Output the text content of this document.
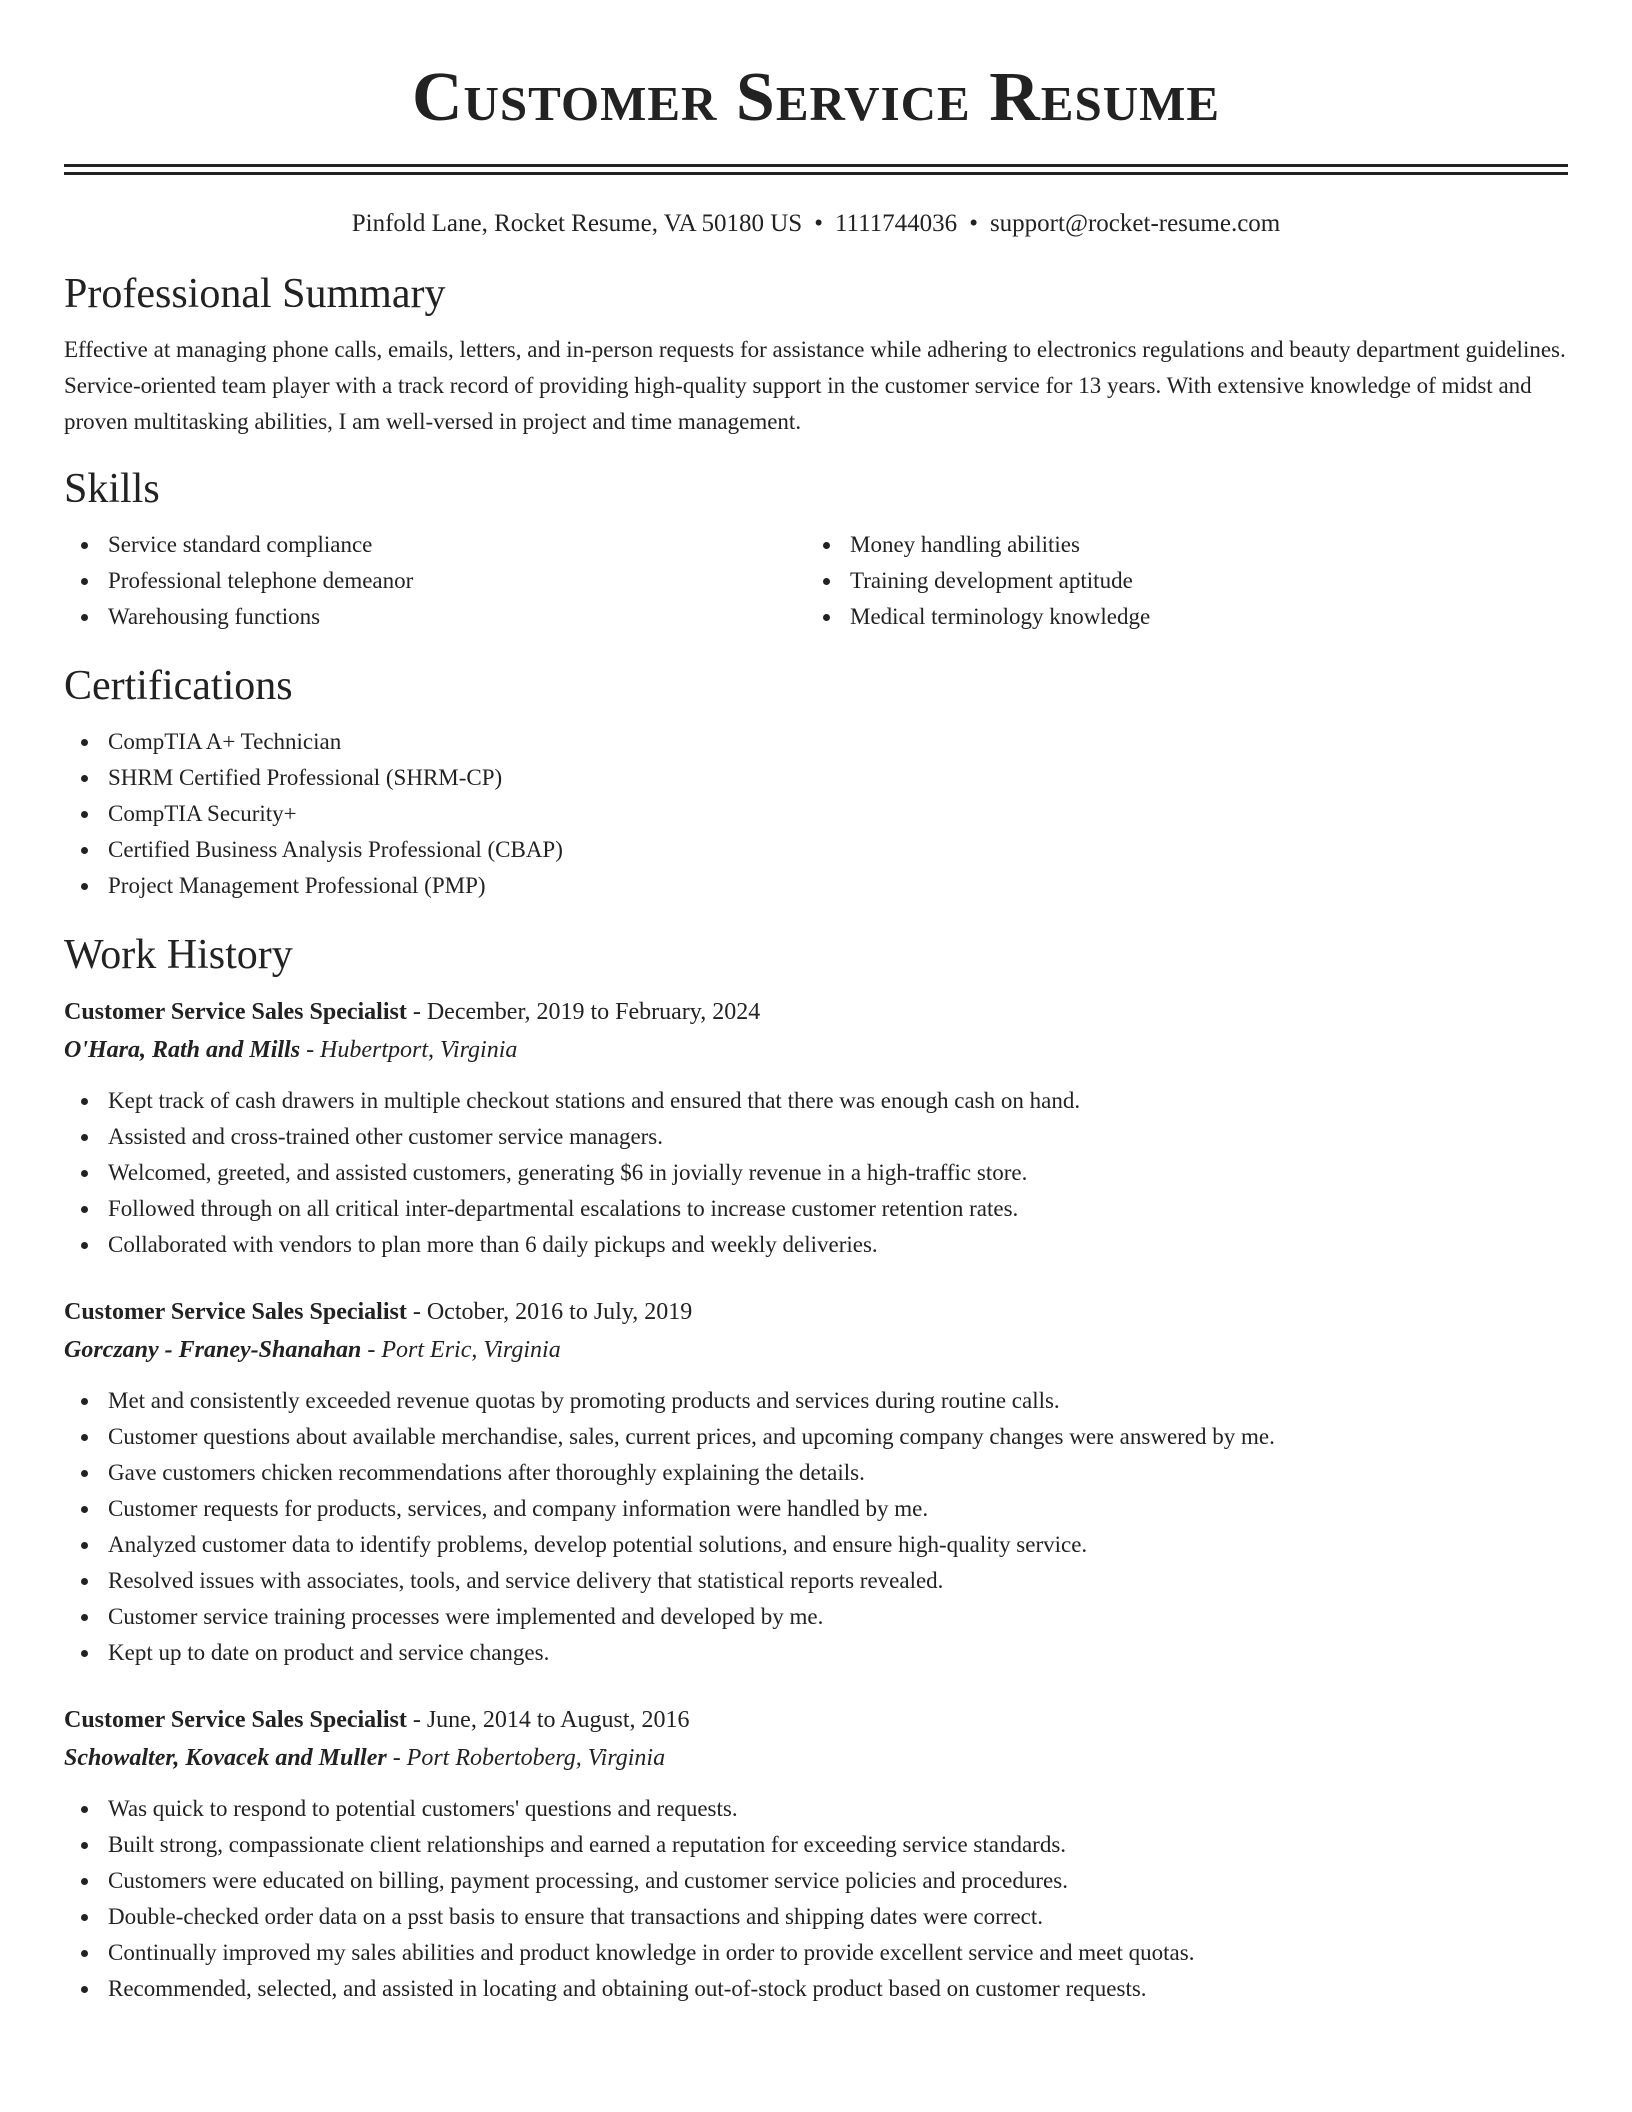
Customer Service Resume
Pinfold Lane, Rocket Resume, VA 50180 US • 1111744036 • support@rocket-resume.com
Professional Summary

Effective at managing phone calls, emails, letters, and in-person requests for assistance while adhering to electronics regulations and beauty department guidelines. Service-oriented team player with a track record of providing high-quality support in the customer service for 13 years. With extensive knowledge of midst and proven multitasking abilities, I am well-versed in project and time management.

Skills
Service standard compliance
Professional telephone demeanor
Warehousing functions
Money handling abilities
Training development aptitude
Medical terminology knowledge
Certifications
CompTIA A+ Technician
SHRM Certified Professional (SHRM-CP)
CompTIA Security+
Certified Business Analysis Professional (CBAP)
Project Management Professional (PMP)
Work History
Customer Service Sales Specialist - December, 2019 to February, 2024
O'Hara, Rath and Mills - Hubertport, Virginia
Kept track of cash drawers in multiple checkout stations and ensured that there was enough cash on hand.
Assisted and cross-trained other customer service managers.
Welcomed, greeted, and assisted customers, generating $6 in jovially revenue in a high-traffic store.
Followed through on all critical inter-departmental escalations to increase customer retention rates.
Collaborated with vendors to plan more than 6 daily pickups and weekly deliveries.
Customer Service Sales Specialist - October, 2016 to July, 2019
Gorczany - Franey-Shanahan - Port Eric, Virginia
Met and consistently exceeded revenue quotas by promoting products and services during routine calls.
Customer questions about available merchandise, sales, current prices, and upcoming company changes were answered by me.
Gave customers chicken recommendations after thoroughly explaining the details.
Customer requests for products, services, and company information were handled by me.
Analyzed customer data to identify problems, develop potential solutions, and ensure high-quality service.
Resolved issues with associates, tools, and service delivery that statistical reports revealed.
Customer service training processes were implemented and developed by me.
Kept up to date on product and service changes.
Customer Service Sales Specialist - June, 2014 to August, 2016
Schowalter, Kovacek and Muller - Port Robertoberg, Virginia
Was quick to respond to potential customers' questions and requests.
Built strong, compassionate client relationships and earned a reputation for exceeding service standards.
Customers were educated on billing, payment processing, and customer service policies and procedures.
Double-checked order data on a psst basis to ensure that transactions and shipping dates were correct.
Continually improved my sales abilities and product knowledge in order to provide excellent service and meet quotas.
Recommended, selected, and assisted in locating and obtaining out-of-stock product based on customer requests.
